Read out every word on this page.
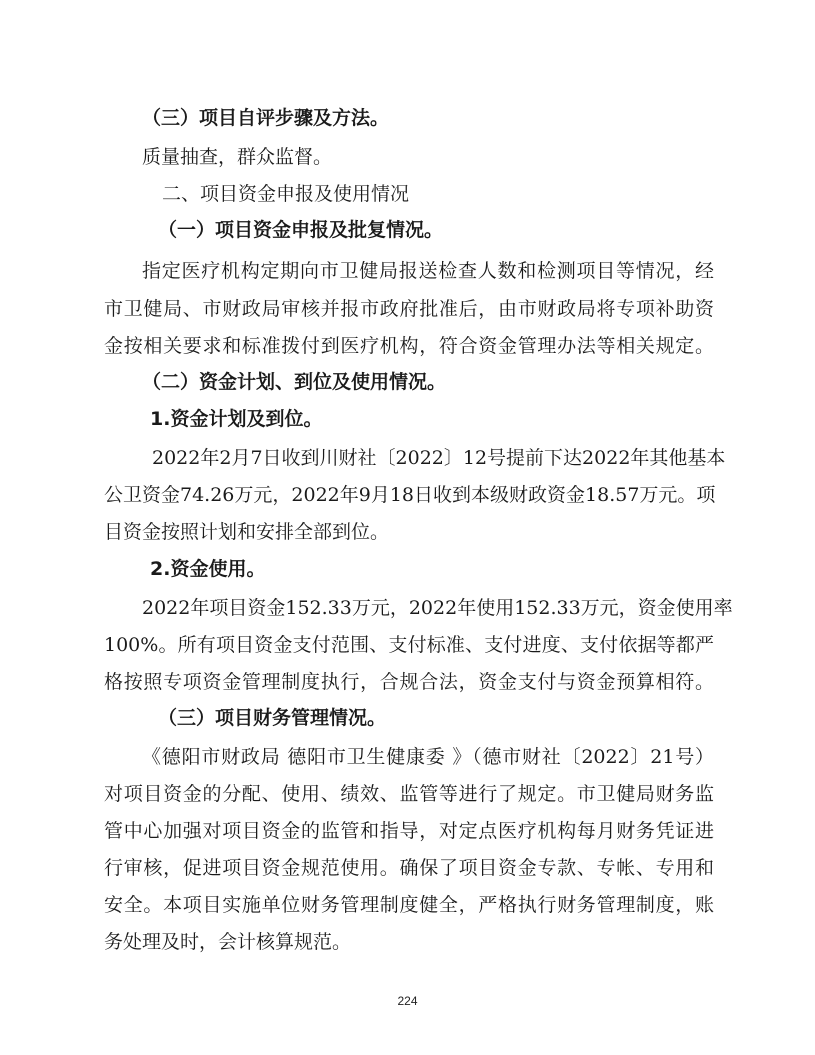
（三）项目自评步骤及方法。
质量抽查，群众监督。
二、项目资金申报及使用情况
（一）项目资金申报及批复情况。
指定医疗机构定期向市卫健局报送检查人数和检测项目等情况，经
市卫健局、市财政局审核并报市政府批准后，由市财政局将专项补助资
金按相关要求和标准拨付到医疗机构，符合资金管理办法等相关规定。
（二）资金计划、到位及使用情况。
1.资金计划及到位。
2022年2月7日收到川财社〔2022〕12号提前下达2022年其他基本
公卫资金74.26万元，2022年9月18日收到本级财政资金18.57万元。项
目资金按照计划和安排全部到位。
2.资金使用。
2022年项目资金152.33万元，2022年使用152.33万元，资金使用率
100%。所有项目资金支付范围、支付标准、支付进度、支付依据等都严
格按照专项资金管理制度执行，合规合法，资金支付与资金预算相符。
（三）项目财务管理情况。
《德阳市财政局 德阳市卫生健康委 》（德市财社〔2022〕21号）
对项目资金的分配、使用、绩效、监管等进行了规定。市卫健局财务监
管中心加强对项目资金的监管和指导，对定点医疗机构每月财务凭证进
行审核，促进项目资金规范使用。确保了项目资金专款、专帐、专用和
安全。本项目实施单位财务管理制度健全，严格执行财务管理制度，账
务处理及时，会计核算规范。
224
